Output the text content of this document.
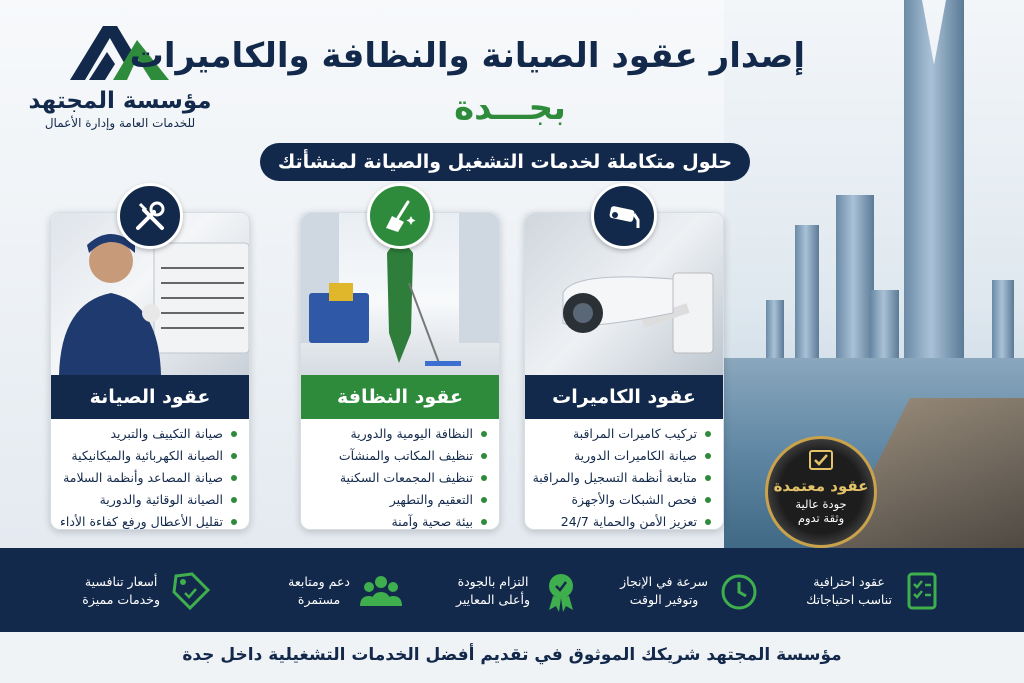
مؤسسة المجتهد
للخدمات العامة وإدارة الأعمال
إصدار عقود الصيانة والنظافة والكاميرات
بجـــدة
حلول متكاملة لخدمات التشغيل والصيانة لمنشأتك
عقود الصيانة
صيانة التكييف والتبريد
الصيانة الكهربائية والميكانيكية
صيانة المصاعد وأنظمة السلامة
الصيانة الوقائية والدورية
تقليل الأعطال ورفع كفاءة الأداء
عقود النظافة
النظافة اليومية والدورية
تنظيف المكاتب والمنشآت
تنظيف المجمعات السكنية
التعقيم والتطهير
بيئة صحية وآمنة
عقود الكاميرات
تركيب كاميرات المراقبة
صيانة الكاميرات الدورية
متابعة أنظمة التسجيل والمراقبة
فحص الشبكات والأجهزة
تعزيز الأمن والحماية 24/7
عقود معتمدة
جودة عالية
وثقة تدوم
عقود احترافية
تناسب احتياجاتك
سرعة في الإنجاز
وتوفير الوقت
التزام بالجودة
وأعلى المعايير
دعم ومتابعة
مستمرة
أسعار تنافسية
وخدمات مميزة
مؤسسة المجتهد شريكك الموثوق في تقديم أفضل الخدمات التشغيلية داخل جدة
